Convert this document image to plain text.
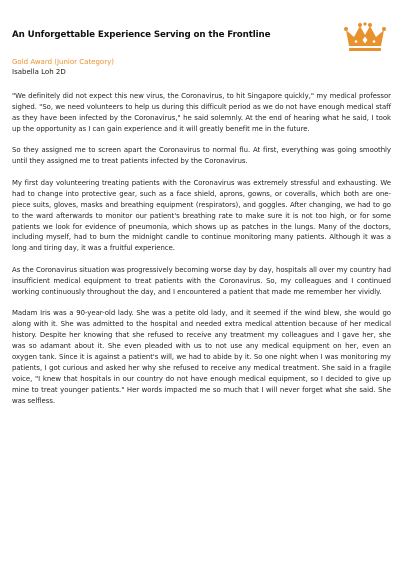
An Unforgettable Experience Serving on the Frontline
Gold Award (Junior Category)
Isabella Loh 2D

"We definitely did not expect this new virus, the Coronavirus, to hit Singapore quickly," my medical professor sighed. "So, we need volunteers to help us during this difficult period as we do not have enough medical staff as they have been infected by the Coronavirus," he said solemnly. At the end of hearing what he said, I took up the opportunity as I can gain experience and it will greatly benefit me in the future.

So they assigned me to screen apart the Coronavirus to normal flu. At first, everything was going smoothly until they assigned me to treat patients infected by the Coronavirus.

My first day volunteering treating patients with the Coronavirus was extremely stressful and exhausting. We had to change into protective gear, such as a face shield, aprons, gowns, or coveralls, which both are one-piece suits, gloves, masks and breathing equipment (respirators), and goggles. After changing, we had to go to the ward afterwards to monitor our patient's breathing rate to make sure it is not too high, or for some patients we look for evidence of pneumonia, which shows up as patches in the lungs. Many of the doctors, including myself, had to burn the midnight candle to continue monitoring many patients. Although it was a long and tiring day, it was a fruitful experience.

As the Coronavirus situation was progressively becoming worse day by day, hospitals all over my country had insufficient medical equipment to treat patients with the Coronavirus. So, my colleagues and I continued working continuously throughout the day, and I encountered a patient that made me remember her vividly.

Madam Iris was a 90-year-old lady. She was a petite old lady, and it seemed if the wind blew, she would go along with it. She was admitted to the hospital and needed extra medical attention because of her medical history. Despite her knowing that she refused to receive any treatment my colleagues and I gave her, she was so adamant about it. She even pleaded with us to not use any medical equipment on her, even an oxygen tank. Since it is against a patient's will, we had to abide by it. So one night when I was monitoring my patients, I got curious and asked her why she refused to receive any medical treatment. She said in a fragile voice, "I knew that hospitals in our country do not have enough medical equipment, so I decided to give up mine to treat younger patients." Her words impacted me so much that I will never forget what she said. She was selfless.
